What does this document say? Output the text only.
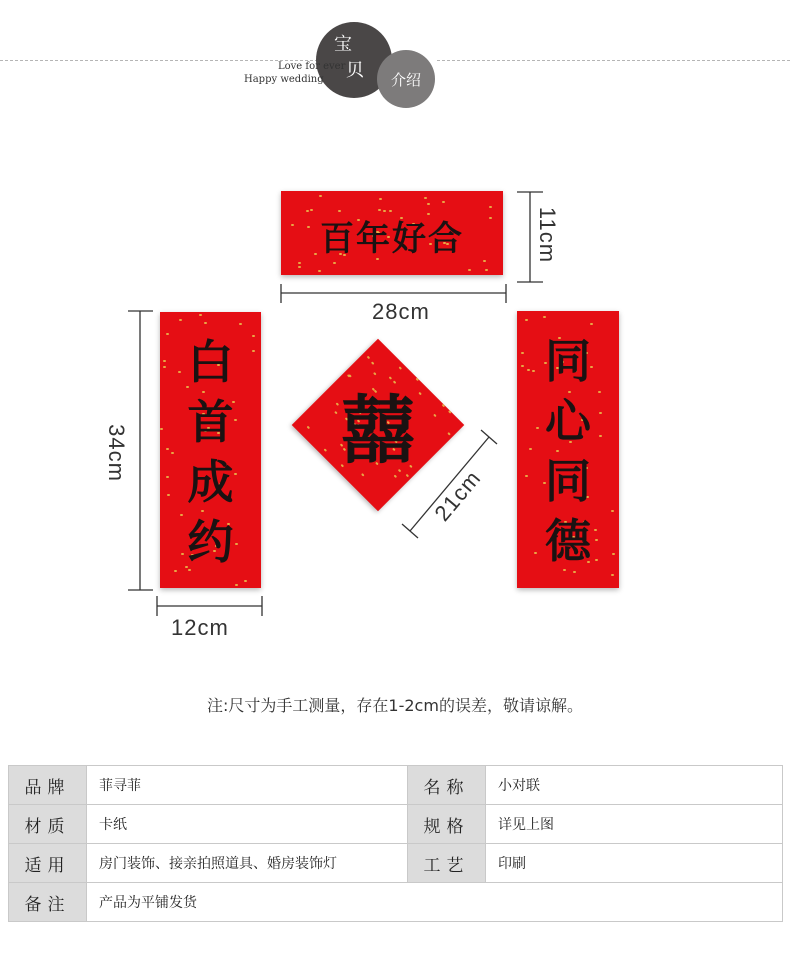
宝
贝 介绍
Love for ever
Happy wedding
百年好合
白
首
成
约
同
心
同
德
囍
28cm
11cm
34cm
12cm
21cm
注:尺寸为手工测量，存在1-2cm的误差，敬请谅解。
品牌	菲寻菲	名称	小对联
材质	卡纸	规格	详见上图
适用	房门装饰、接亲拍照道具、婚房装饰灯	工艺	印刷
备注	产品为平铺发货		
